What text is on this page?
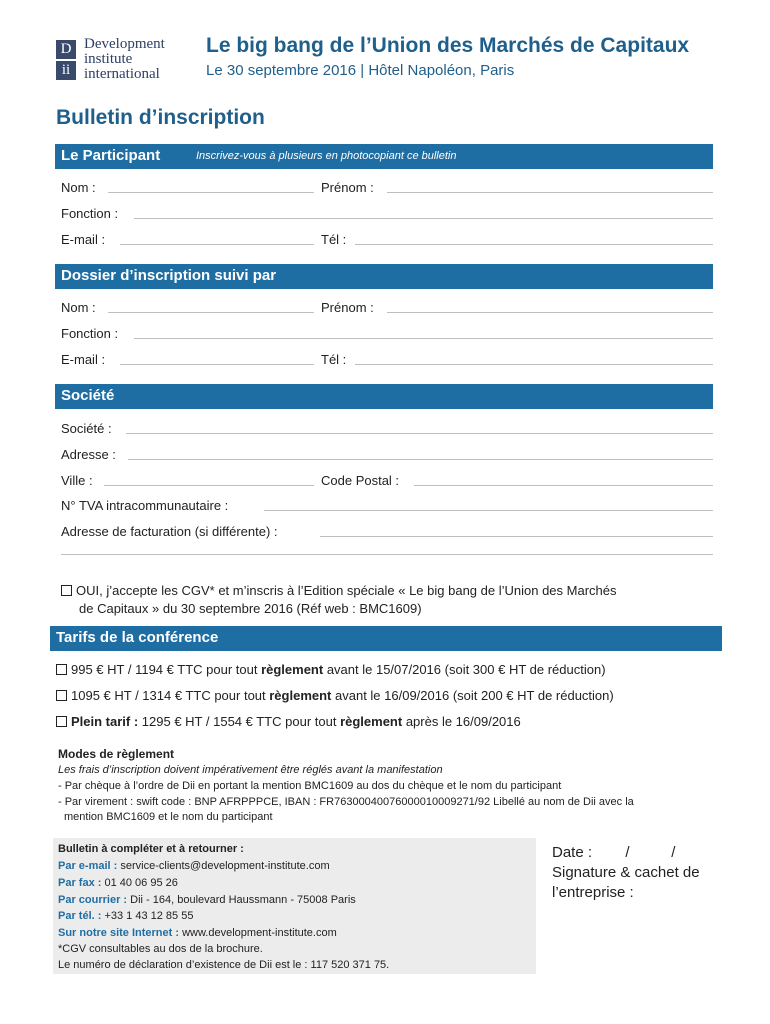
D
ii
Development
institute
international
Le big bang de l’Union des Marchés de Capitaux
Le 30 septembre 2016 | Hôtel Napoléon, Paris
Bulletin d’inscription
Le Participant	Inscrivez-vous à plusieurs en photocopiant ce bulletin
Nom :	Prénom :
Fonction :
E-mail :	Tél :
Dossier d’inscription suivi par
Nom :	Prénom :
Fonction :
E-mail :	Tél :
Société
Société :
Adresse :
Ville :	Code Postal :
N° TVA intracommunautaire :
Adresse de facturation (si différente) :
OUI, j’accepte les CGV* et m’inscris à l’Edition spéciale « Le big bang de l’Union des Marchés
de Capitaux » du 30 septembre 2016 (Réf web : BMC1609)
Tarifs de la conférence
995 € HT / 1194 € TTC pour tout règlement avant le 15/07/2016 (soit 300 € HT de réduction)
1095 € HT / 1314 € TTC pour tout règlement avant le 16/09/2016 (soit 200 € HT de réduction)
Plein tarif : 1295 € HT / 1554 € TTC pour tout règlement après le 16/09/2016
Modes de règlement
Les frais d’inscription doivent impérativement être réglés avant la manifestation
- Par chèque à l’ordre de Dii en portant la mention BMC1609 au dos du chèque et le nom du participant
- Par virement : swift code : BNP AFRPPPCE, IBAN : FR7630004007600001000927​1/92 Libellé au nom de Dii avec la
mention BMC1609 et le nom du participant
Bulletin à compléter et à retourner :
Par e-mail : service-clients@development-institute.com
Par fax : 01 40 06 95 26
Par courrier : Dii - 164, boulevard Haussmann - 75008 Paris
Par tél. : +33 1 43 12 85 55
Sur notre site Internet : www.development-institute.com
*CGV consultables au dos de la brochure.
Le numéro de déclaration d’existence de Dii est le : 117 520 371 75.
Date :        /          /
Signature & cachet de
l’entreprise :
